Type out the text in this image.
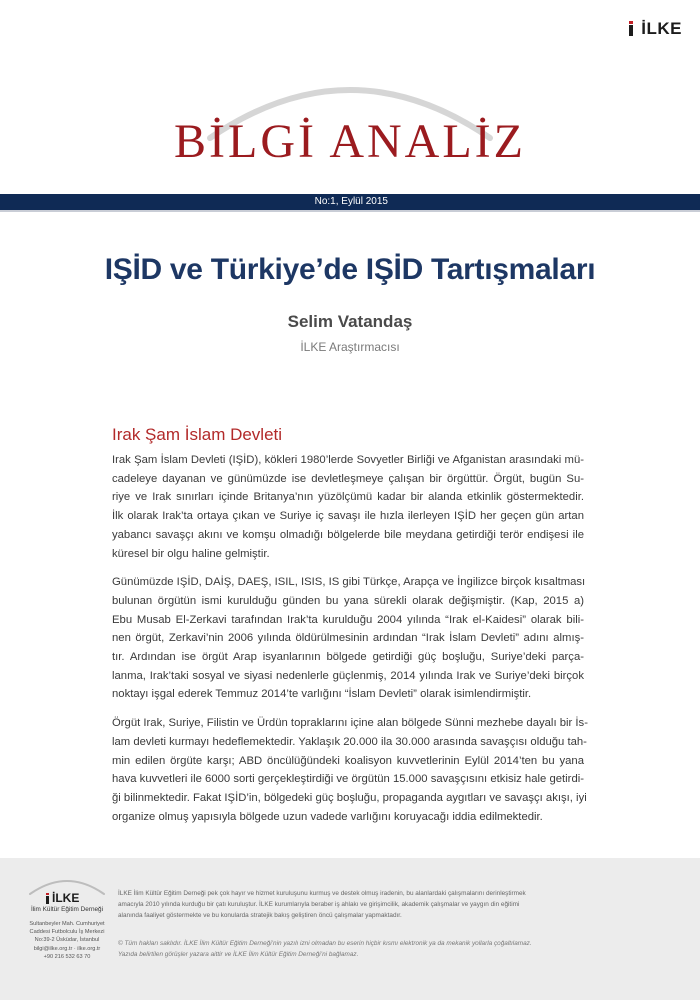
İLKE
BİLGİ ANALİZ
No:1, Eylül 2015
IŞİD ve Türkiye’de IŞİD Tartışmaları
Selim Vatandaş
İLKE Araştırmacısı
Irak Şam İslam Devleti

Irak Şam İslam Devleti (IŞİD), kökleri 1980’lerde Sovyetler Birliği ve Afganistan arasındaki mü-
cadeleye dayanan ve günümüzde ise devletleşmeye çalışan bir örgüttür. Örgüt, bugün Su-
riye ve Irak sınırları içinde Britanya’nın yüzölçümü kadar bir alanda etkinlik göstermektedir.
İlk olarak Irak’ta ortaya çıkan ve Suriye iç savaşı ile hızla ilerleyen IŞİD her geçen gün artan
yabancı savaşçı akını ve komşu olmadığı bölgelerde bile meydana getirdiği terör endişesi ile
küresel bir olgu haline gelmiştir.

Günümüzde IŞİD, DAİŞ, DAEŞ, ISIL, ISIS, IS gibi Türkçe, Arapça ve İngilizce birçok kısaltması
bulunan örgütün ismi kurulduğu günden bu yana sürekli olarak değişmiştir. (Kap, 2015 a)
Ebu Musab El-Zerkavi tarafından Irak’ta kurulduğu 2004 yılında “Irak el-Kaidesi” olarak bili-
nen örgüt, Zerkavi’nin 2006 yılında öldürülmesinin ardından “Irak İslam Devleti” adını almış-
tır. Ardından ise örgüt Arap isyanlarının bölgede getirdiği güç boşluğu, Suriye’deki parça-
lanma, Irak’taki sosyal ve siyasi nedenlerle güçlenmiş, 2014 yılında Irak ve Suriye’deki birçok
noktayı işgal ederek Temmuz 2014’te varlığını “İslam Devleti” olarak isimlendirmiştir.

Örgüt Irak, Suriye, Filistin ve Ürdün topraklarını içine alan bölgede Sünni mezhebe dayalı bir İs-
lam devleti kurmayı hedeflemektedir. Yaklaşık 20.000 ila 30.000 arasında savaşçısı olduğu tah-
min edilen örgüte karşı; ABD öncülüğündeki koalisyon kuvvetlerinin Eylül 2014’ten bu yana
hava kuvvetleri ile 6000 sorti gerçekleştirdiği ve örgütün 15.000 savaşçısını etkisiz hale getirdi-
ği bilinmektedir. Fakat IŞİD’in, bölgedeki güç boşluğu, propaganda aygıtları ve savaşçı akışı, iyi
organize olmuş yapısıyla bölgede uzun vadede varlığını koruyacağı iddia edilmektedir.

İLKE
İlim Kültür Eğitim Derneği
Sultanbeyler Mah. Cumhuriyet
Caddesi Futbolculu İş Merkezi
No:39-2 Üsküdar, İstanbul
bilgi@ilke.org.tr · ilke.org.tr
+90 216 532 63 70
İLKE İlim Kültür Eğitim Derneği pek çok hayır ve hizmet kuruluşunu kurmuş ve destek olmuş iradenin, bu alanlardaki çalışmalarını derinleştirmek
amacıyla 2010 yılında kurduğu bir çatı kuruluştur. İLKE kurumlarıyla beraber iş ahlakı ve girişimcilik, akademik çalışmalar ve yaygın din eğitimi
alanında faaliyet göstermekte ve bu konularda stratejik bakış geliştiren öncü çalışmalar yapmaktadır.
© Tüm hakları saklıdır. İLKE İlim Kültür Eğitim Derneği’nin yazılı izni olmadan bu eserin hiçbir kısmı elektronik ya da mekanik yollarla çoğaltılamaz.
Yazıda belirtilen görüşler yazara aittir ve İLKE İlim Kültür Eğitim Derneği’ni bağlamaz.
